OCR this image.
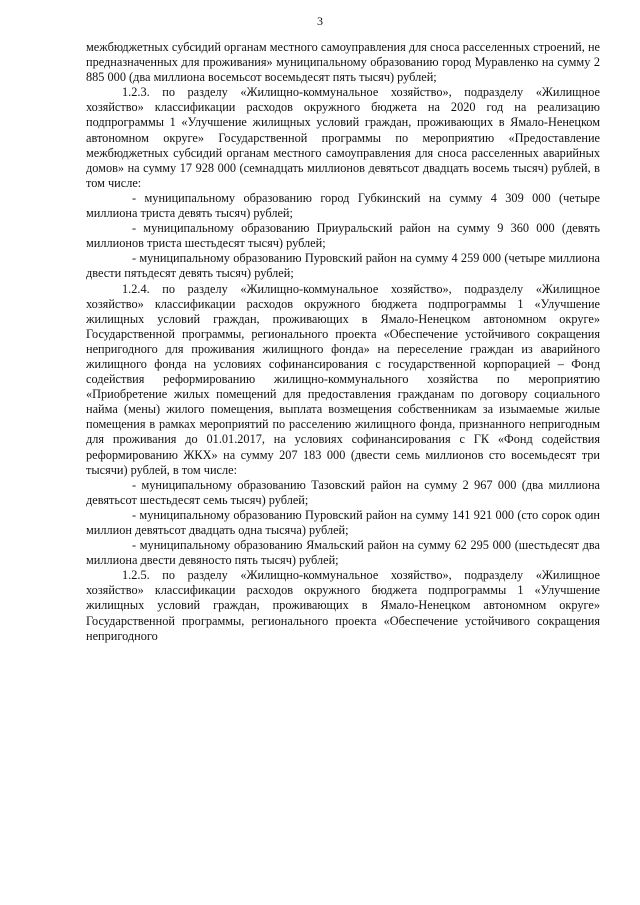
3

межбюджетных субсидий органам местного самоуправления для сноса расселенных строений, не предназначенных для проживания» муниципальному образованию город Муравленко на сумму 2 885 000 (два миллиона восемьсот восемьдесят пять тысяч) рублей;

1.2.3. по разделу «Жилищно-коммунальное хозяйство», подразделу «Жилищное хозяйство» классификации расходов окружного бюджета на 2020 год на реализацию подпрограммы 1 «Улучшение жилищных условий граждан, проживающих в Ямало-Ненецком автономном округе» Государственной программы по мероприятию «Предоставление межбюджетных субсидий органам местного самоуправления для сноса расселенных аварийных домов» на сумму 17 928 000 (семнадцать миллионов девятьсот двадцать восемь тысяч) рублей, в том числе:

- муниципальному образованию город Губкинский на сумму 4 309 000 (четыре миллиона триста девять тысяч) рублей;

- муниципальному образованию Приуральский район на сумму 9 360 000 (девять миллионов триста шестьдесят тысяч) рублей;

- муниципальному образованию Пуровский район на сумму 4 259 000 (четыре миллиона двести пятьдесят девять тысяч) рублей;

1.2.4. по разделу «Жилищно-коммунальное хозяйство», подразделу «Жилищное хозяйство» классификации расходов окружного бюджета подпрограммы 1 «Улучшение жилищных условий граждан, проживающих в Ямало-Ненецком автономном округе» Государственной программы, регионального проекта «Обеспечение устойчивого сокращения непригодного для проживания жилищного фонда» на переселение граждан из аварийного жилищного фонда на условиях софинансирования с государственной корпорацией – Фонд содействия реформированию жилищно-коммунального хозяйства по мероприятию «Приобретение жилых помещений для предоставления гражданам по договору социального найма (мены) жилого помещения, выплата возмещения собственникам за изымаемые жилые помещения в рамках мероприятий по расселению жилищного фонда, признанного непригодным для проживания до 01.01.2017, на условиях софинансирования с ГК «Фонд содействия реформированию ЖКХ» на сумму 207 183 000 (двести семь миллионов сто восемьдесят три тысячи) рублей, в том числе:

- муниципальному образованию Тазовский район на сумму 2 967 000 (два миллиона девятьсот шестьдесят семь тысяч) рублей;

- муниципальному образованию Пуровский район на сумму 141 921 000 (сто сорок один миллион девятьсот двадцать одна тысяча) рублей;

- муниципальному образованию Ямальский район на сумму 62 295 000 (шестьдесят два миллиона двести девяносто пять тысяч) рублей;

1.2.5. по разделу «Жилищно-коммунальное хозяйство», подразделу «Жилищное хозяйство» классификации расходов окружного бюджета подпрограммы 1 «Улучшение жилищных условий граждан, проживающих в Ямало-Ненецком автономном округе» Государственной программы, регионального проекта «Обеспечение устойчивого сокращения непригодного
